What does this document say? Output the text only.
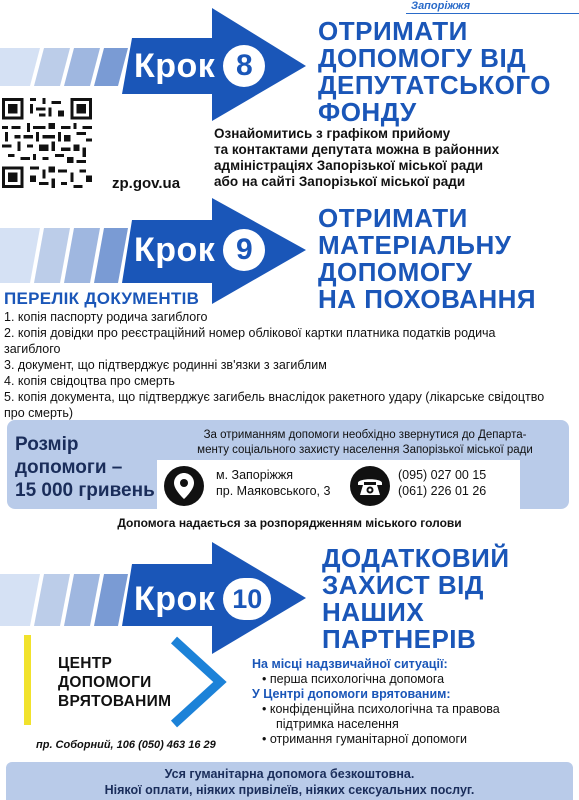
Запоріжжя
Крок 8
ОТРИМАТИ
ДОПОМОГУ ВІД
ДЕПУТАТСЬКОГО
ФОНДУ
zp.gov.ua
Ознайомитись з графіком прийому
та контактами депутата можна в районних
адміністраціях Запорізької міської ради
або на сайті Запорізької міської ради
Крок 9
ОТРИМАТИ
МАТЕРІАЛЬНУ
ДОПОМОГУ
НА ПОХОВАННЯ
ПЕРЕЛІК ДОКУМЕНТІВ
1. копія паспорту родича загиблого
2. копія довідки про реєстраційний номер облікової картки платника податків родича загиблого
3. документ, що підтверджує родинні зв'язки з загиблим
4. копія свідоцтва про смерть
5. копія документа, що підтверджує загибель внаслідок ракетного удару (лікарське свідоцтво про смерть)
Розмір
допомоги –
15 000 гривень
За отриманням допомоги необхідно звернутися до Департа-
менту соціального захисту населення Запорізької міської ради
м. Запоріжжя
пр. Маяковського, 3
(095) 027 00 15
(061) 226 01 26
Допомога надається за розпорядженням міського голови
Крок 10
ДОДАТКОВИЙ
ЗАХИСТ ВІД
НАШИХ
ПАРТНЕРІВ
ЦЕНТР
ДОПОМОГИ
ВРЯТОВАНИМ
пр. Соборний, 106 (050) 463 16 29
На місці надзвичайної ситуації:
• перша психологічна допомога
У Центрі допомоги врятованим:
• конфіденційна психологічна та правова
підтримка населення
• отримання гуманітарної допомоги
Уся гуманітарна допомога безкоштовна.
Ніякої оплати, ніяких привілеїв, ніяких сексуальних послуг.
